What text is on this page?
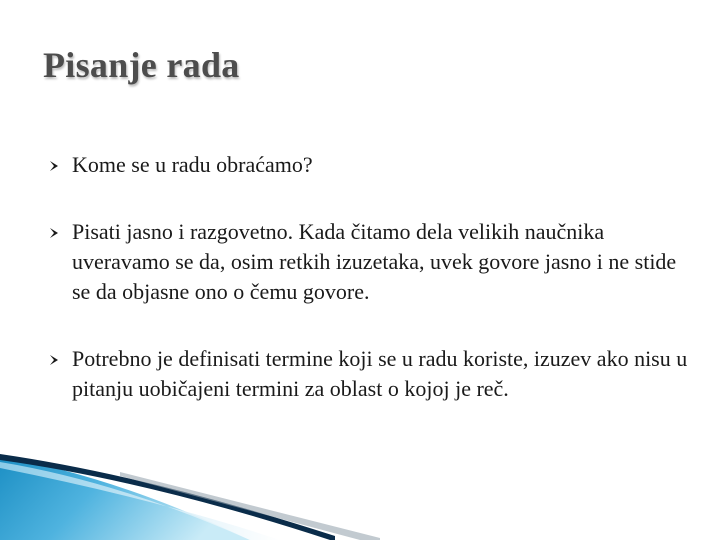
Pisanje rada
Kome se u radu obraćamo?
Pisati jasno i razgovetno. Kada čitamo dela velikih naučnika uveravamo se da, osim retkih izuzetaka, uvek govore jasno i ne stide se da objasne ono o čemu govore.
Potrebno je definisati termine koji se u radu koriste, izuzev ako nisu u pitanju uobičajeni termini za oblast o kojoj je reč.
